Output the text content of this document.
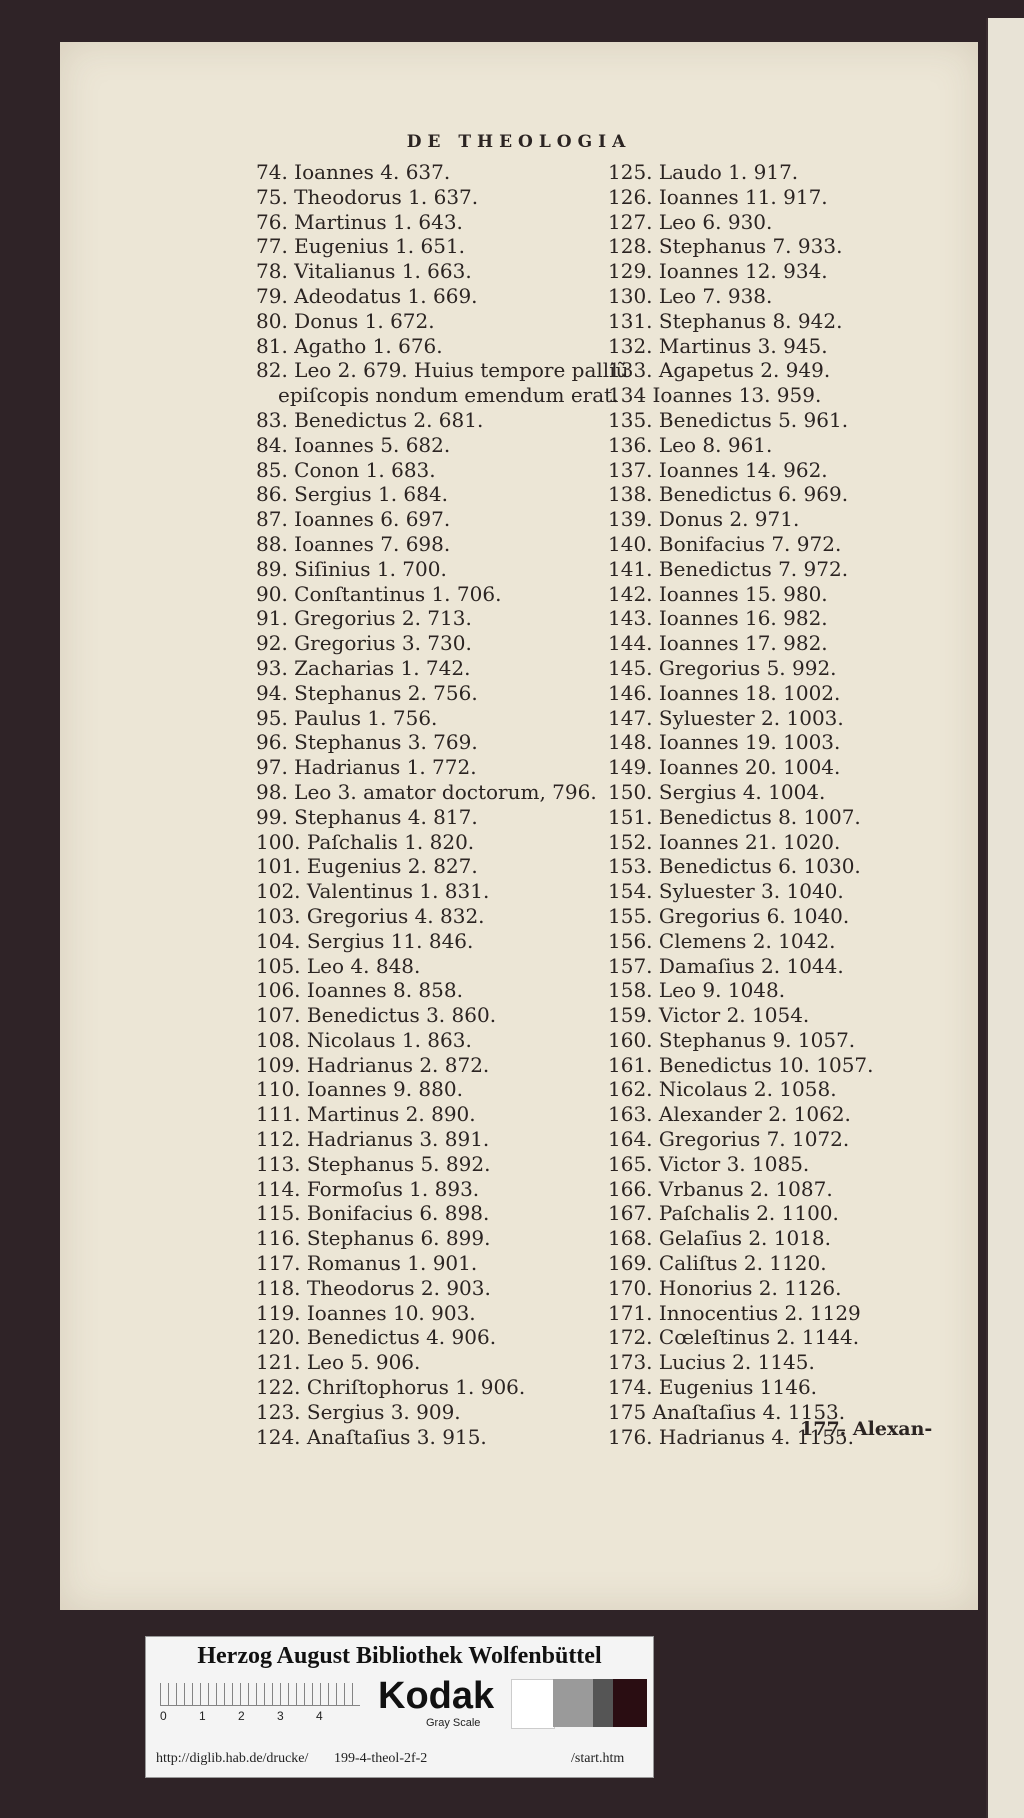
DE THEOLOGIA
74. Ioannes 4. 637.
75. Theodorus 1. 637.
76. Martinus 1. 643.
77. Eugenius 1. 651.
78. Vitalianus 1. 663.
79. Adeodatus 1. 669.
80. Donus 1. 672.
81. Agatho 1. 676.
82. Leo 2. 679. Huius tempore palliũ
epiſcopis nondum emendum erat.
83. Benedictus 2. 681.
84. Ioannes 5. 682.
85. Conon 1. 683.
86. Sergius 1. 684.
87. Ioannes 6. 697.
88. Ioannes 7. 698.
89. Siſinius 1. 700.
90. Conſtantinus 1. 706.
91. Gregorius 2. 713.
92. Gregorius 3. 730.
93. Zacharias 1. 742.
94. Stephanus 2. 756.
95. Paulus 1. 756.
96. Stephanus 3. 769.
97. Hadrianus 1. 772.
98. Leo 3. amator doctorum, 796.
99. Stephanus 4. 817.
100. Paſchalis 1. 820.
101. Eugenius 2. 827.
102. Valentinus 1. 831.
103. Gregorius 4. 832.
104. Sergius 11. 846.
105. Leo 4. 848.
106. Ioannes 8. 858.
107. Benedictus 3. 860.
108. Nicolaus 1. 863.
109. Hadrianus 2. 872.
110. Ioannes 9. 880.
111. Martinus 2. 890.
112. Hadrianus 3. 891.
113. Stephanus 5. 892.
114. Formoſus 1. 893.
115. Bonifacius 6. 898.
116. Stephanus 6. 899.
117. Romanus 1. 901.
118. Theodorus 2. 903.
119. Ioannes 10. 903.
120. Benedictus 4. 906.
121. Leo 5. 906.
122. Chriſtophorus 1. 906.
123. Sergius 3. 909.
124. Anaſtaſius 3. 915.
125. Laudo 1. 917.
126. Ioannes 11. 917.
127. Leo 6. 930.
128. Stephanus 7. 933.
129. Ioannes 12. 934.
130. Leo 7. 938.
131. Stephanus 8. 942.
132. Martinus 3. 945.
133. Agapetus 2. 949.
134 Ioannes 13. 959.
135. Benedictus 5. 961.
136. Leo 8. 961.
137. Ioannes 14. 962.
138. Benedictus 6. 969.
139. Donus 2. 971.
140. Bonifacius 7. 972.
141. Benedictus 7. 972.
142. Ioannes 15. 980.
143. Ioannes 16. 982.
144. Ioannes 17. 982.
145. Gregorius 5. 992.
146. Ioannes 18. 1002.
147. Syluester 2. 1003.
148. Ioannes 19. 1003.
149. Ioannes 20. 1004.
150. Sergius 4. 1004.
151. Benedictus 8. 1007.
152. Ioannes 21. 1020.
153. Benedictus 6. 1030.
154. Syluester 3. 1040.
155. Gregorius 6. 1040.
156. Clemens 2. 1042.
157. Damaſius 2. 1044.
158. Leo 9. 1048.
159. Victor 2. 1054.
160. Stephanus 9. 1057.
161. Benedictus 10. 1057.
162. Nicolaus 2. 1058.
163. Alexander 2. 1062.
164. Gregorius 7. 1072.
165. Victor 3. 1085.
166. Vrbanus 2. 1087.
167. Paſchalis 2. 1100.
168. Gelaſius 2. 1018.
169. Caliſtus 2. 1120.
170. Honorius 2. 1126.
171. Innocentius 2. 1129
172. Cœleſtinus 2. 1144.
173. Lucius 2. 1145.
174. Eugenius 1146.
175 Anaſtaſius 4. 1153.
176. Hadrianus 4. 1155.
177. Alexan-
Herzog August Bibliothek Wolfenbüttel
0	1	2	3	4 Kodak
Gray Scale
http://diglib.hab.de/drucke/ 199-4-theol-2f-2	/start.htm
